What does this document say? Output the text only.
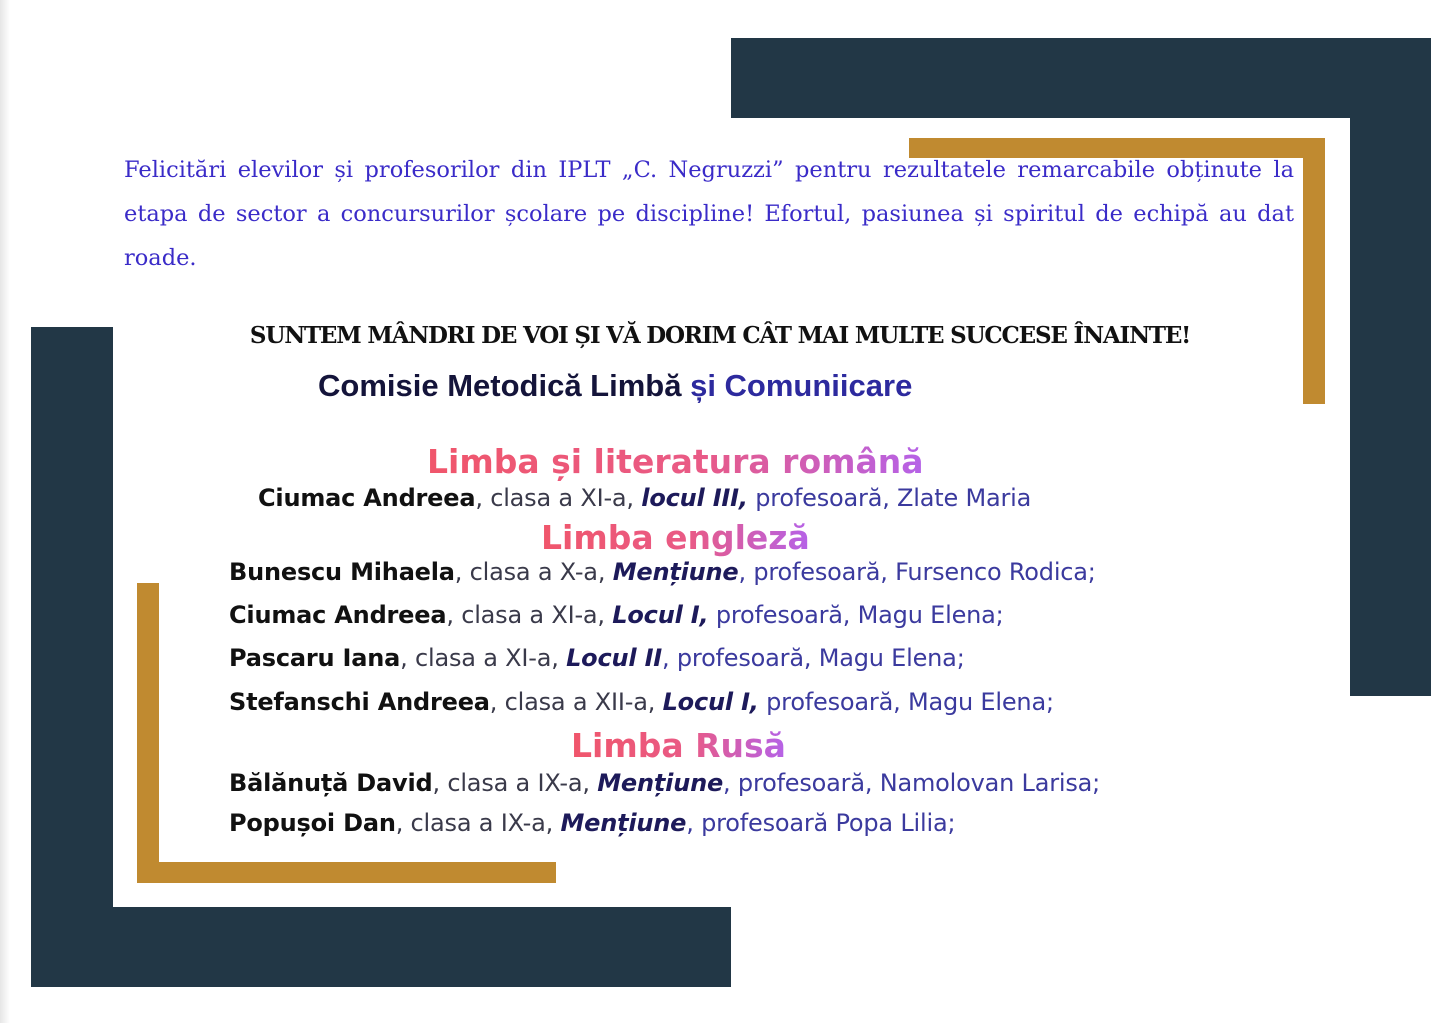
Felicitări elevilor și profesorilor din IPLT „C. Negruzzi” pentru rezultatele remarcabile obținute la etapa de sector a concursurilor școlare pe discipline! Efortul, pasiunea și spiritul de echipă au dat roade.

SUNTEM MÂNDRI DE VOI ȘI VĂ DORIM CÂT MAI MULTE SUCCESE ÎNAINTE!
Comisie Metodică Limbă și Comuniicare
Limba și literatura română
Ciumac Andreea, clasa a XI-a, locul III, profesoară, Zlate Maria
Limba engleză
Bunescu Mihaela, clasa a X-a, Mențiune, profesoară, Fursenco Rodica;
Ciumac Andreea, clasa a XI-a, Locul I, profesoară, Magu Elena;
Pascaru Iana, clasa a XI-a, Locul II, profesoară, Magu Elena;
Stefanschi Andreea, clasa a XII-a, Locul I, profesoară, Magu Elena;
Limba Rusă
Bălănuță David, clasa a IX-a, Mențiune, profesoară, Namolovan Larisa;
Popușoi Dan, clasa a IX-a, Mențiune, profesoară Popa Lilia;
